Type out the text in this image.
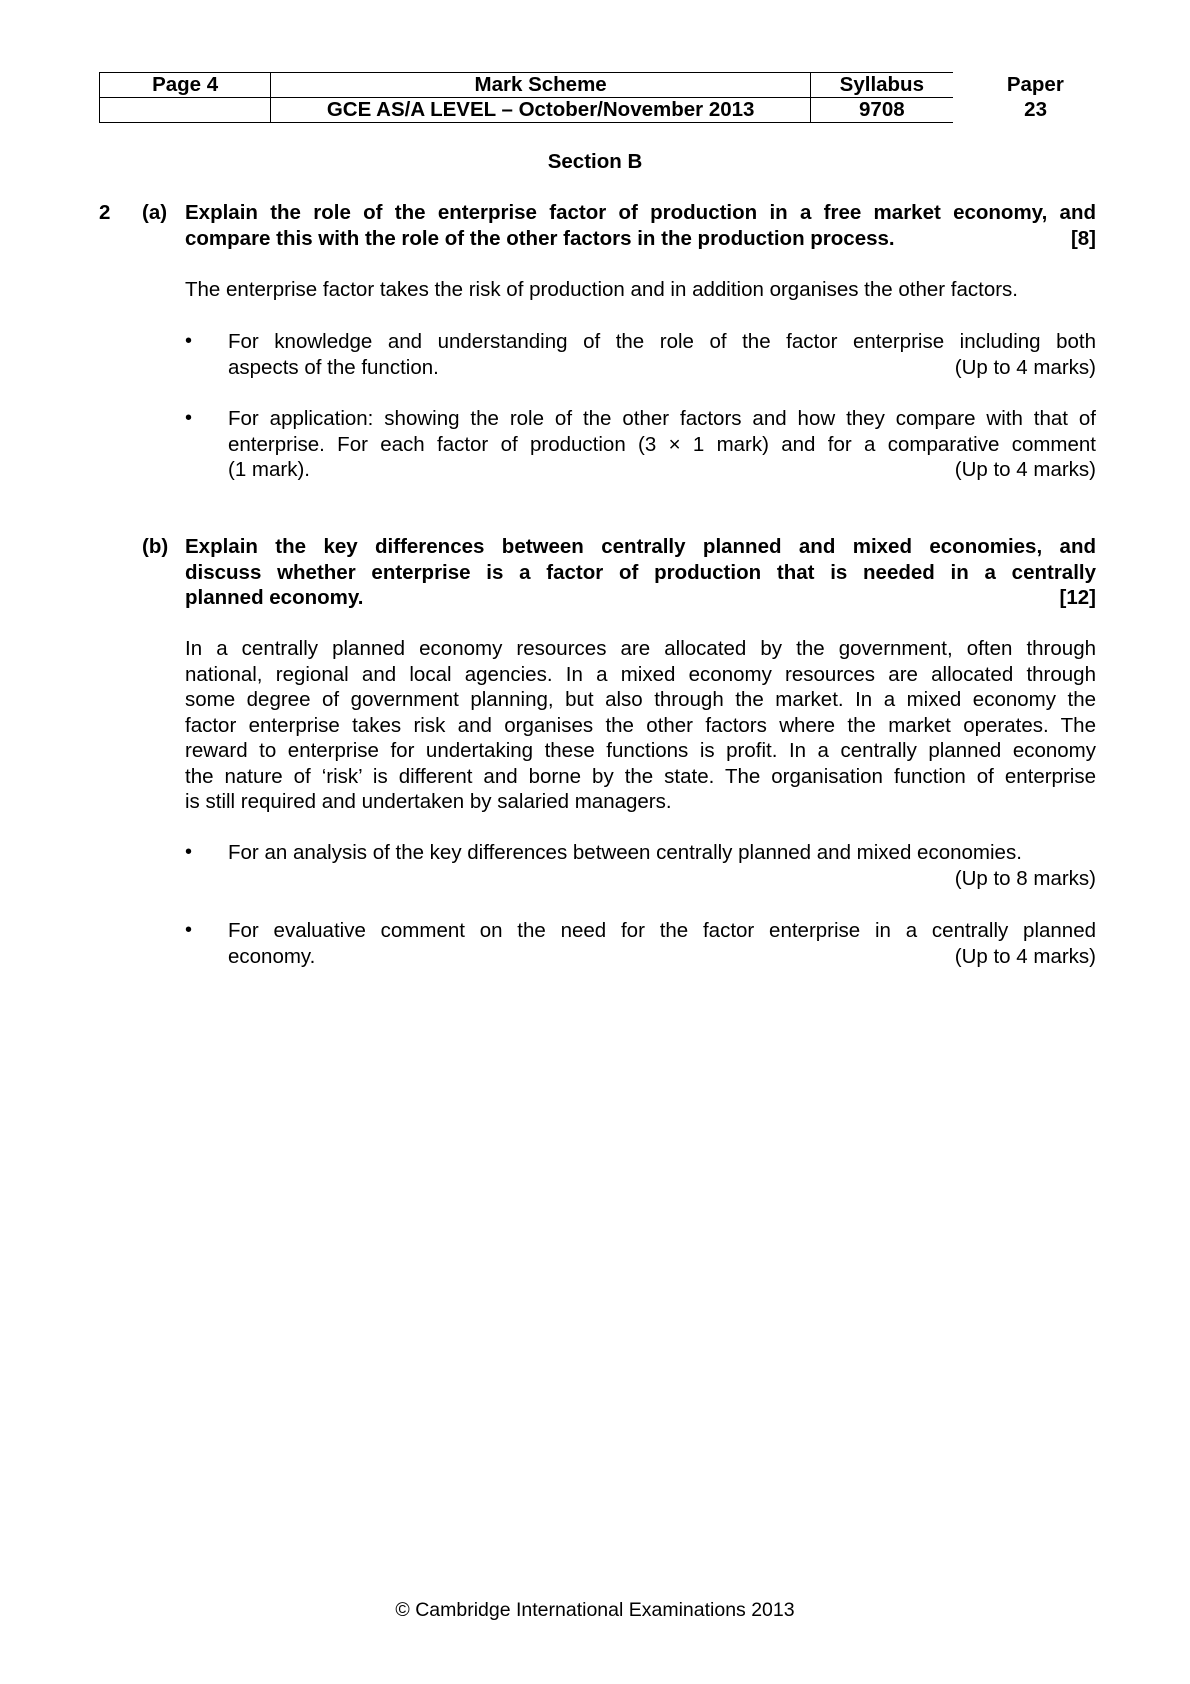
Page 4	Mark Scheme	Syllabus	Paper
	GCE AS/A LEVEL – October/November 2013	9708	23
Section B
2 (a) Explain the role of the enterprise factor of production in a free market economy, and
compare this with the role of the other factors in the production process.	[8]
The enterprise factor takes the risk of production and in addition organises the other factors.
• For knowledge and understanding of the role of the factor enterprise including both
aspects of the function.	(Up to 4 marks)
• For application: showing the role of the other factors and how they compare with that of
enterprise. For each factor of production (3 × 1 mark) and for a comparative comment
(1 mark).	(Up to 4 marks)
(b) Explain the key differences between centrally planned and mixed economies, and
discuss whether enterprise is a factor of production that is needed in a centrally
planned economy.	[12]
In a centrally planned economy resources are allocated by the government, often through
national, regional and local agencies. In a mixed economy resources are allocated through
some degree of government planning, but also through the market. In a mixed economy the
factor enterprise takes risk and organises the other factors where the market operates. The
reward to enterprise for undertaking these functions is profit. In a centrally planned economy
the nature of ‘risk’ is different and borne by the state. The organisation function of enterprise
is still required and undertaken by salaried managers.
• For an analysis of the key differences between centrally planned and mixed economies.
(Up to 8 marks)
• For evaluative comment on the need for the factor enterprise in a centrally planned
economy.	(Up to 4 marks)
© Cambridge International Examinations 2013
